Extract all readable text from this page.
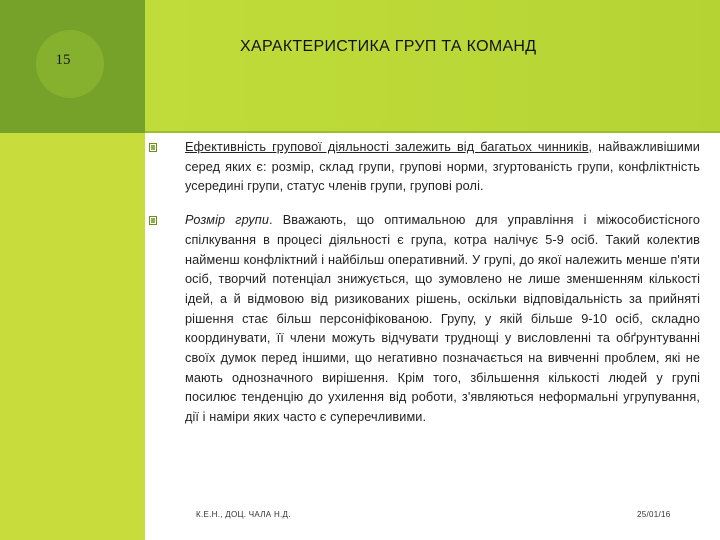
15
ХАРАКТЕРИСТИКА ГРУП ТА КОМАНД

Ефективність групової діяльності залежить від багатьох чинників, найважливішими серед яких є: розмір, склад групи, групові норми, згуртованість групи, конфліктність усередині групи, статус членів групи, групові ролі.

Розмір групи. Вважають, що оптимальною для управління і міжособистісного спілкування в процесі діяльності є група, котра налічує 5-9 осіб. Такий колектив найменш конфліктний і найбільш оперативний. У групі, до якої належить менше п'яти осіб, творчий потенціал знижується, що зумовлено не лише зменшенням кількості ідей, а й відмовою від ризикованих рішень, оскільки відповідальність за прийняті рішення стає більш персоніфікованою. Групу, у якій більше 9-10 осіб, складно координувати, її члени можуть відчувати труднощі у висловленні та обґрунтуванні своїх думок перед іншими, що негативно позначається на вивченні проблем, які не мають однозначного вирішення. Крім того, збільшення кількості людей у групі посилює тенденцію до ухилення від роботи, з'являються неформальні угрупування, дії і наміри яких часто є суперечливими.

К.Е.Н., ДОЦ. ЧАЛА Н.Д.	25/01/16
